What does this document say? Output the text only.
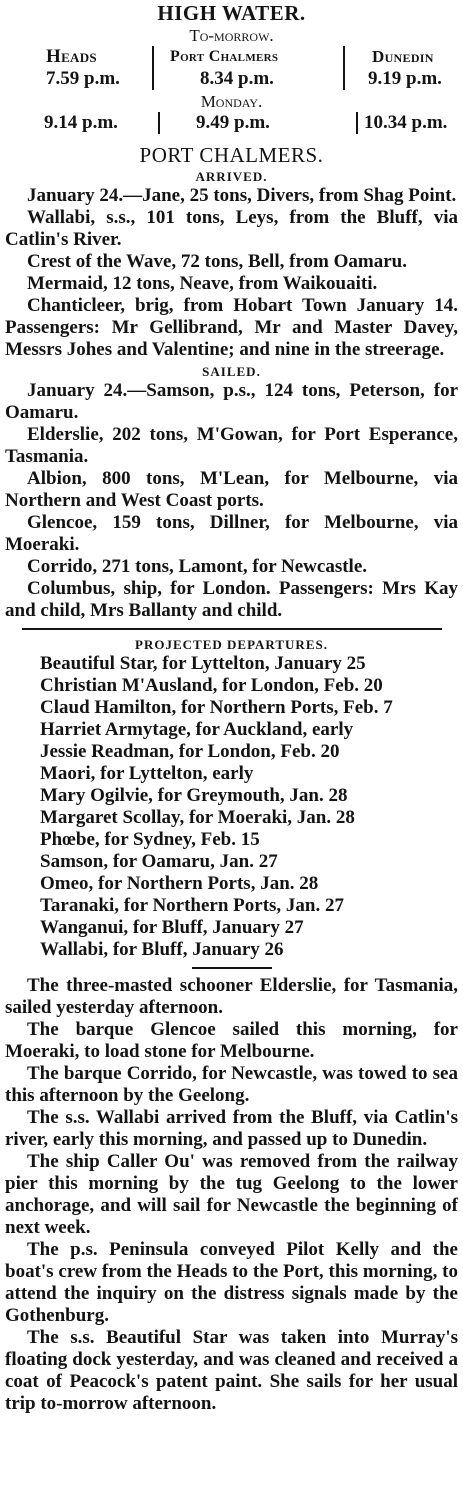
HIGH WATER.
To-morrow.
Heads	Port Chalmers	Dunedin
7.59 p.m.	8.34 p.m.	9.19 p.m.
Monday.
9.14 p.m.	9.49 p.m.	10.34 p.m.
PORT CHALMERS.
ARRIVED.

January 24.—Jane, 25 tons, Divers, from Shag Point.

Wallabi, s.s., 101 tons, Leys, from the Bluff, via Catlin's River.

Crest of the Wave, 72 tons, Bell, from Oamaru.

Mermaid, 12 tons, Neave, from Waikouaiti.

Chanticleer, brig, from Hobart Town January 14. Passengers: Mr Gellibrand, Mr and Master Davey, Messrs Johes and Valentine; and nine in the streerage.

SAILED.

January 24.—Samson, p.s., 124 tons, Peterson, for Oamaru.

Elderslie, 202 tons, M'Gowan, for Port Esperance, Tasmania.

Albion, 800 tons, M'Lean, for Melbourne, via Northern and West Coast ports.

Glencoe, 159 tons, Dillner, for Melbourne, via Moeraki.

Corrido, 271 tons, Lamont, for Newcastle.

Columbus, ship, for London. Passengers: Mrs Kay and child, Mrs Ballanty and child.

PROJECTED DEPARTURES.
Beautiful Star, for Lyttelton, January 25
Christian M'Ausland, for London, Feb. 20
Claud Hamilton, for Northern Ports, Feb. 7
Harriet Armytage, for Auckland, early
Jessie Readman, for London, Feb. 20
Maori, for Lyttelton, early
Mary Ogilvie, for Greymouth, Jan. 28
Margaret Scollay, for Moeraki, Jan. 28
Phœbe, for Sydney, Feb. 15
Samson, for Oamaru, Jan. 27
Omeo, for Northern Ports, Jan. 28
Taranaki, for Northern Ports, Jan. 27
Wanganui, for Bluff, January 27
Wallabi, for Bluff, January 26

The three-masted schooner Elderslie, for Tasmania, sailed yesterday afternoon.

The barque Glencoe sailed this morning, for Moeraki, to load stone for Melbourne.

The barque Corrido, for Newcastle, was towed to sea this afternoon by the Geelong.

The s.s. Wallabi arrived from the Bluff, via Catlin's river, early this morning, and passed up to Dunedin.

The ship Caller Ou' was removed from the railway pier this morning by the tug Geelong to the lower anchorage, and will sail for Newcastle the beginning of next week.

The p.s. Peninsula conveyed Pilot Kelly and the boat's crew from the Heads to the Port, this morning, to attend the inquiry on the distress signals made by the Gothenburg.

The s.s. Beautiful Star was taken into Murray's floating dock yesterday, and was cleaned and received a coat of Peacock's patent paint. She sails for her usual trip to-morrow afternoon.
